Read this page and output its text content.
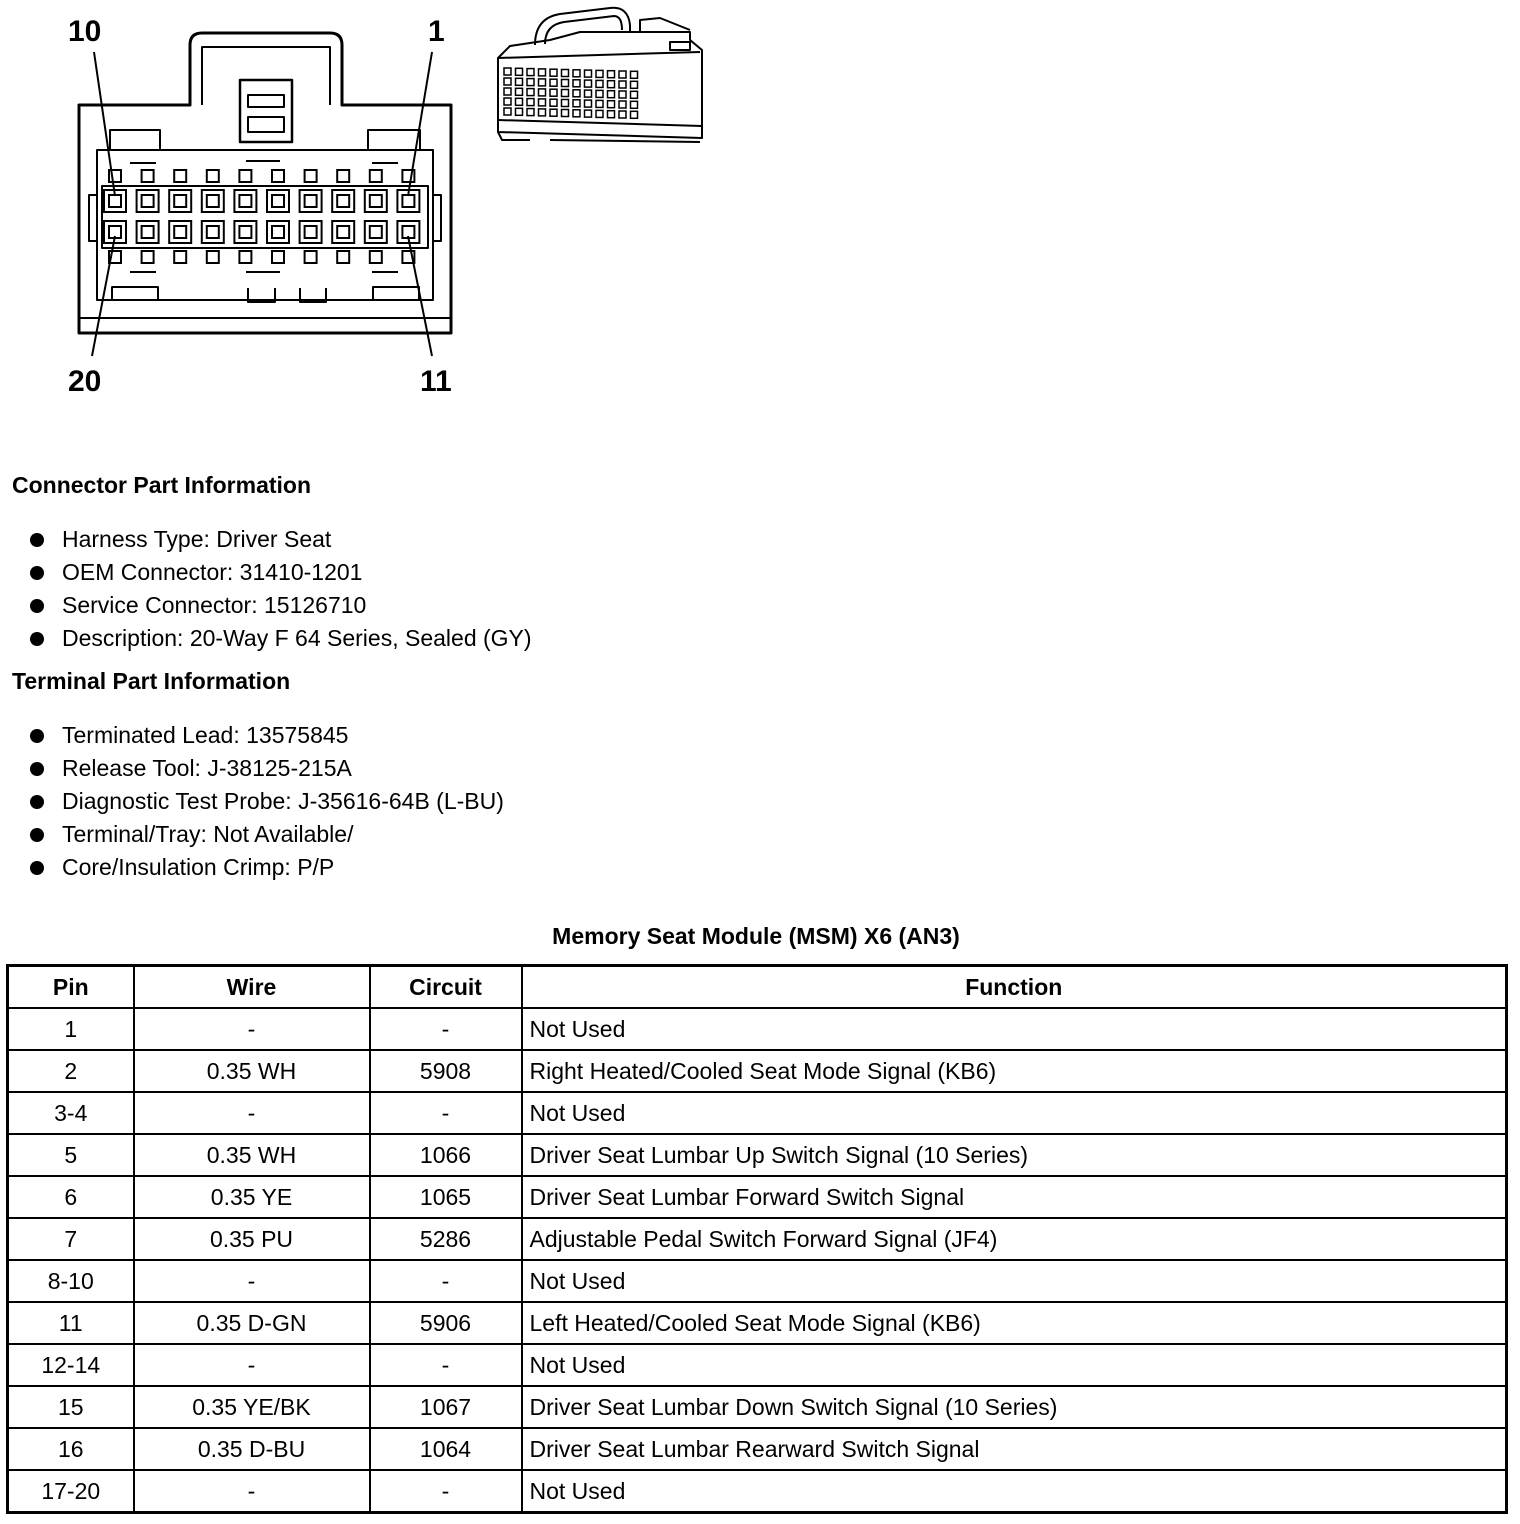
10	1
20	11
Connector Part Information
Harness Type: Driver Seat
OEM Connector: 31410-1201
Service Connector: 15126710
Description: 20-Way F 64 Series, Sealed (GY)
Terminal Part Information
Terminated Lead: 13575845
Release Tool: J-38125-215A
Diagnostic Test Probe: J-35616-64B (L-BU)
Terminal/Tray: Not Available/
Core/Insulation Crimp: P/P
Memory Seat Module (MSM) X6 (AN3)
Pin	Wire	Circuit	Function
1	-	-	Not Used
2	0.35 WH	5908	Right Heated/Cooled Seat Mode Signal (KB6)
3-4	-	-	Not Used
5	0.35 WH	1066	Driver Seat Lumbar Up Switch Signal (10 Series)
6	0.35 YE	1065	Driver Seat Lumbar Forward Switch Signal
7	0.35 PU	5286	Adjustable Pedal Switch Forward Signal (JF4)
8-10	-	-	Not Used
11	0.35 D-GN	5906	Left Heated/Cooled Seat Mode Signal (KB6)
12-14	-	-	Not Used
15	0.35 YE/BK	1067	Driver Seat Lumbar Down Switch Signal (10 Series)
16	0.35 D-BU	1064	Driver Seat Lumbar Rearward Switch Signal
17-20	-	-	Not Used
